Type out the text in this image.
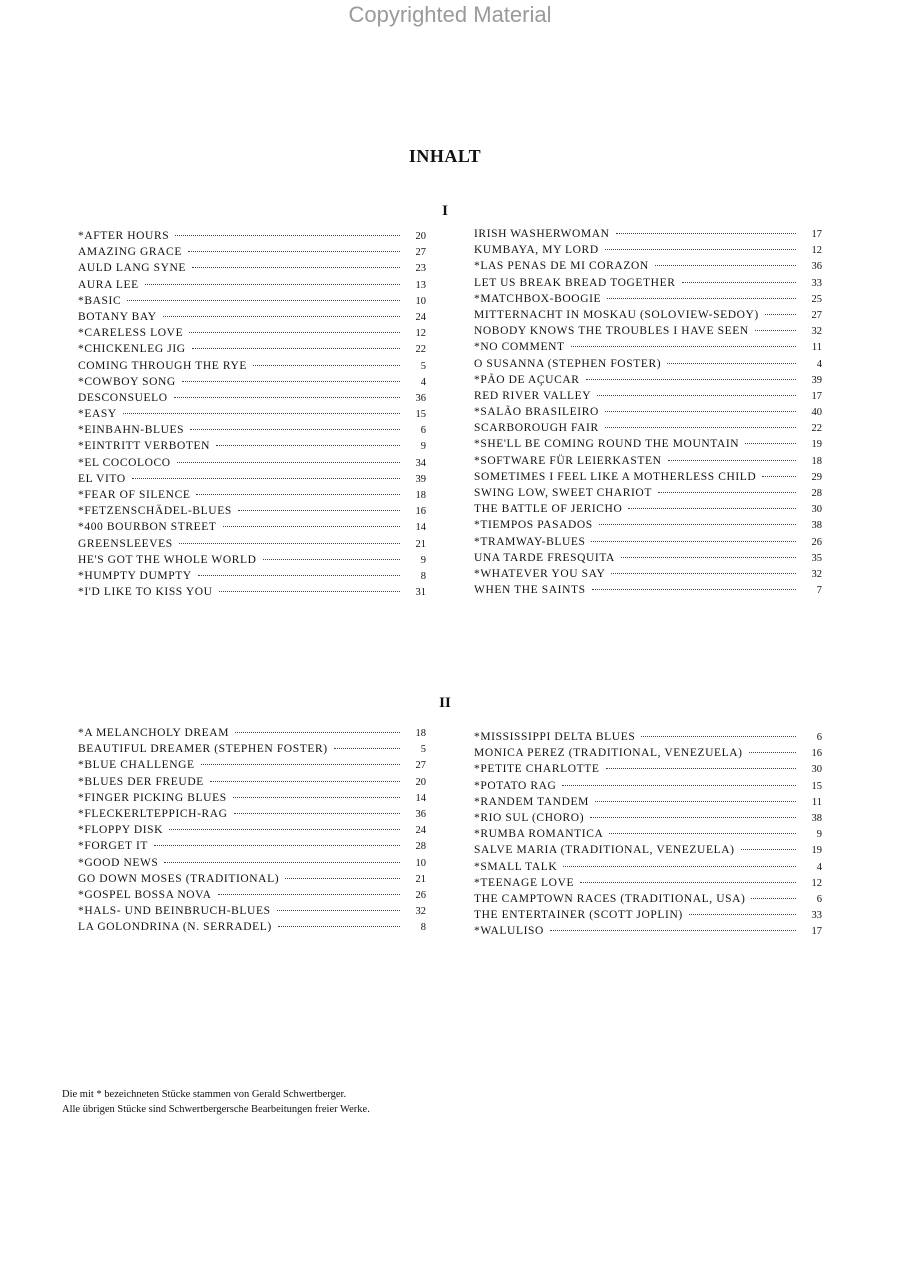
Copyrighted Material
INHALT
I
*AFTER HOURS	20
AMAZING GRACE	27
AULD LANG SYNE	23
AURA LEE	13
*BASIC	10
BOTANY BAY	24
*CARELESS LOVE	12
*CHICKENLEG JIG	22
COMING THROUGH THE RYE	5
*COWBOY SONG	4
DESCONSUELO	36
*EASY	15
*EINBAHN-BLUES	6
*EINTRITT VERBOTEN	9
*EL COCOLOCO	34
EL VITO	39
*FEAR OF SILENCE	18
*FETZENSCHÄDEL-BLUES	16
*400 BOURBON STREET	14
GREENSLEEVES	21
HE'S GOT THE WHOLE WORLD	9
*HUMPTY DUMPTY	8
*I'D LIKE TO KISS YOU	31
IRISH WASHERWOMAN	17
KUMBAYA, MY LORD	12
*LAS PENAS DE MI CORAZON	36
LET US BREAK BREAD TOGETHER	33
*MATCHBOX-BOOGIE	25
MITTERNACHT IN MOSKAU (SOLOVIEW-SEDOY)	27
NOBODY KNOWS THE TROUBLES I HAVE SEEN	32
*NO COMMENT	11
O SUSANNA (STEPHEN FOSTER)	4
*PÃO DE AÇUCAR	39
RED RIVER VALLEY	17
*SALÃO BRASILEIRO	40
SCARBOROUGH FAIR	22
*SHE'LL BE COMING ROUND THE MOUNTAIN	19
*SOFTWARE FÜR LEIERKASTEN	18
SOMETIMES I FEEL LIKE A MOTHERLESS CHILD	29
SWING LOW, SWEET CHARIOT	28
THE BATTLE OF JERICHO	30
*TIEMPOS PASADOS	38
*TRAMWAY-BLUES	26
UNA TARDE FRESQUITA	35
*WHATEVER YOU SAY	32
WHEN THE SAINTS	7
II
*A MELANCHOLY DREAM	18
BEAUTIFUL DREAMER (STEPHEN FOSTER)	5
*BLUE CHALLENGE	27
*BLUES DER FREUDE	20
*FINGER PICKING BLUES	14
*FLECKERLTEPPICH-RAG	36
*FLOPPY DISK	24
*FORGET IT	28
*GOOD NEWS	10
GO DOWN MOSES (TRADITIONAL)	21
*GOSPEL BOSSA NOVA	26
*HALS- UND BEINBRUCH-BLUES	32
LA GOLONDRINA (N. SERRADEL)	8
*MISSISSIPPI DELTA BLUES	6
MONICA PEREZ (TRADITIONAL, VENEZUELA)	16
*PETITE CHARLOTTE	30
*POTATO RAG	15
*RANDEM TANDEM	11
*RIO SUL (CHORO)	38
*RUMBA ROMANTICA	9
SALVE MARIA (TRADITIONAL, VENEZUELA)	19
*SMALL TALK	4
*TEENAGE LOVE	12
THE CAMPTOWN RACES (TRADITIONAL, USA)	6
THE ENTERTAINER (SCOTT JOPLIN)	33
*WALULISO	17
Die mit * bezeichneten Stücke stammen von Gerald Schwertberger.
Alle übrigen Stücke sind Schwertbergersche Bearbeitungen freier Werke.
